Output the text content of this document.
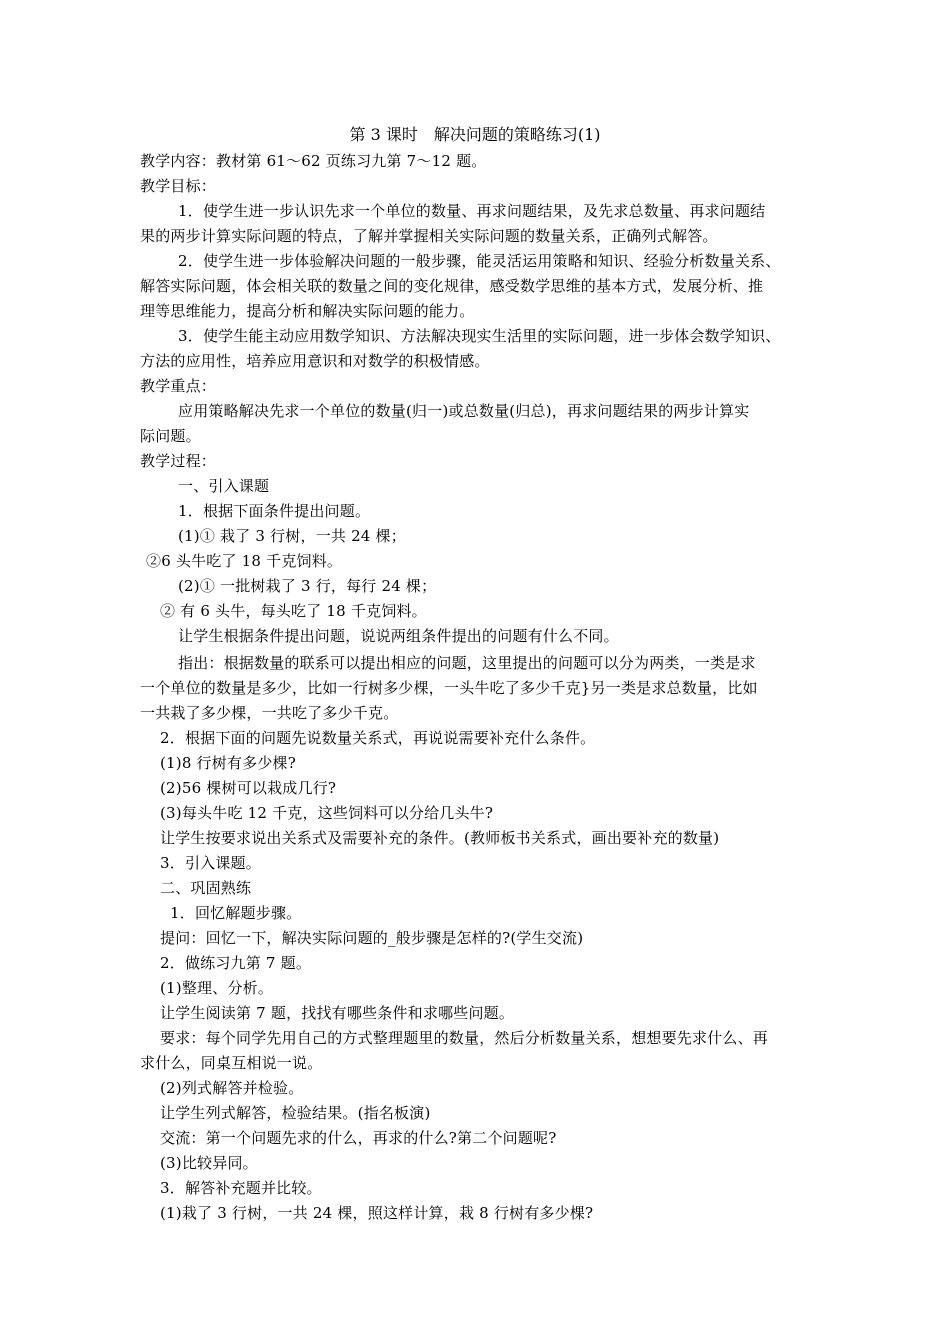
第 3 课时　解决问题的策略练习(1)
教学内容：教材第 61～62 页练习九第 7～12 题。
教学目标：
1．使学生进一步认识先求一个单位的数量、再求问题结果，及先求总数量、再求问题结
果的两步计算实际问题的特点，了解并掌握相关实际问题的数量关系，正确列式解答。
2．使学生进一步体验解决问题的一般步骤，能灵活运用策略和知识、经验分析数量关系、
解答实际问题，体会相关联的数量之间的变化规律，感受数学思维的基本方式，发展分析、推
理等思维能力，提高分析和解决实际问题的能力。
3．使学生能主动应用数学知识、方法解决现实生活里的实际问题，进一步体会数学知识、
方法的应用性，培养应用意识和对数学的积极情感。
教学重点：
应用策略解决先求一个单位的数量(归一)或总数量(归总)，再求问题结果的两步计算实
际问题。
教学过程：
一、引入课题
1．根据下面条件提出问题。
(1)① 栽了 3 行树，一共 24 棵；
②6 头牛吃了 18 千克饲料。
(2)① 一批树栽了 3 行，每行 24 棵；
② 有 6 头牛，每头吃了 18 千克饲料。
让学生根据条件提出问题，说说两组条件提出的问题有什么不同。
指出：根据数量的联系可以提出相应的问题，这里提出的问题可以分为两类，一类是求
一个单位的数量是多少，比如一行树多少棵，一头牛吃了多少千克}另一类是求总数量，比如
一共栽了多少棵，一共吃了多少千克。
2．根据下面的问题先说数量关系式，再说说需要补充什么条件。
(1)8 行树有多少棵?
(2)56 棵树可以栽成几行?
(3)每头牛吃 12 千克，这些饲料可以分给几头牛?
让学生按要求说出关系式及需要补充的条件。(教师板书关系式，画出要补充的数量)
3．引入课题。
二、巩固熟练
1．回忆解题步骤。
提问：回忆一下，解决实际问题的_般步骤是怎样的?(学生交流)
2．做练习九第 7 题。
(1)整理、分析。
让学生阅读第 7 题，找找有哪些条件和求哪些问题。
要求：每个同学先用自己的方式整理题里的数量，然后分析数量关系，想想要先求什么、再
求什么，同桌互相说一说。
(2)列式解答并检验。
让学生列式解答，检验结果。(指名板演)
交流：第一个问题先求的什么，再求的什么?第二个问题呢?
(3)比较异同。
3．解答补充题并比较。
(1)栽了 3 行树，一共 24 棵，照这样计算，栽 8 行树有多少棵?
